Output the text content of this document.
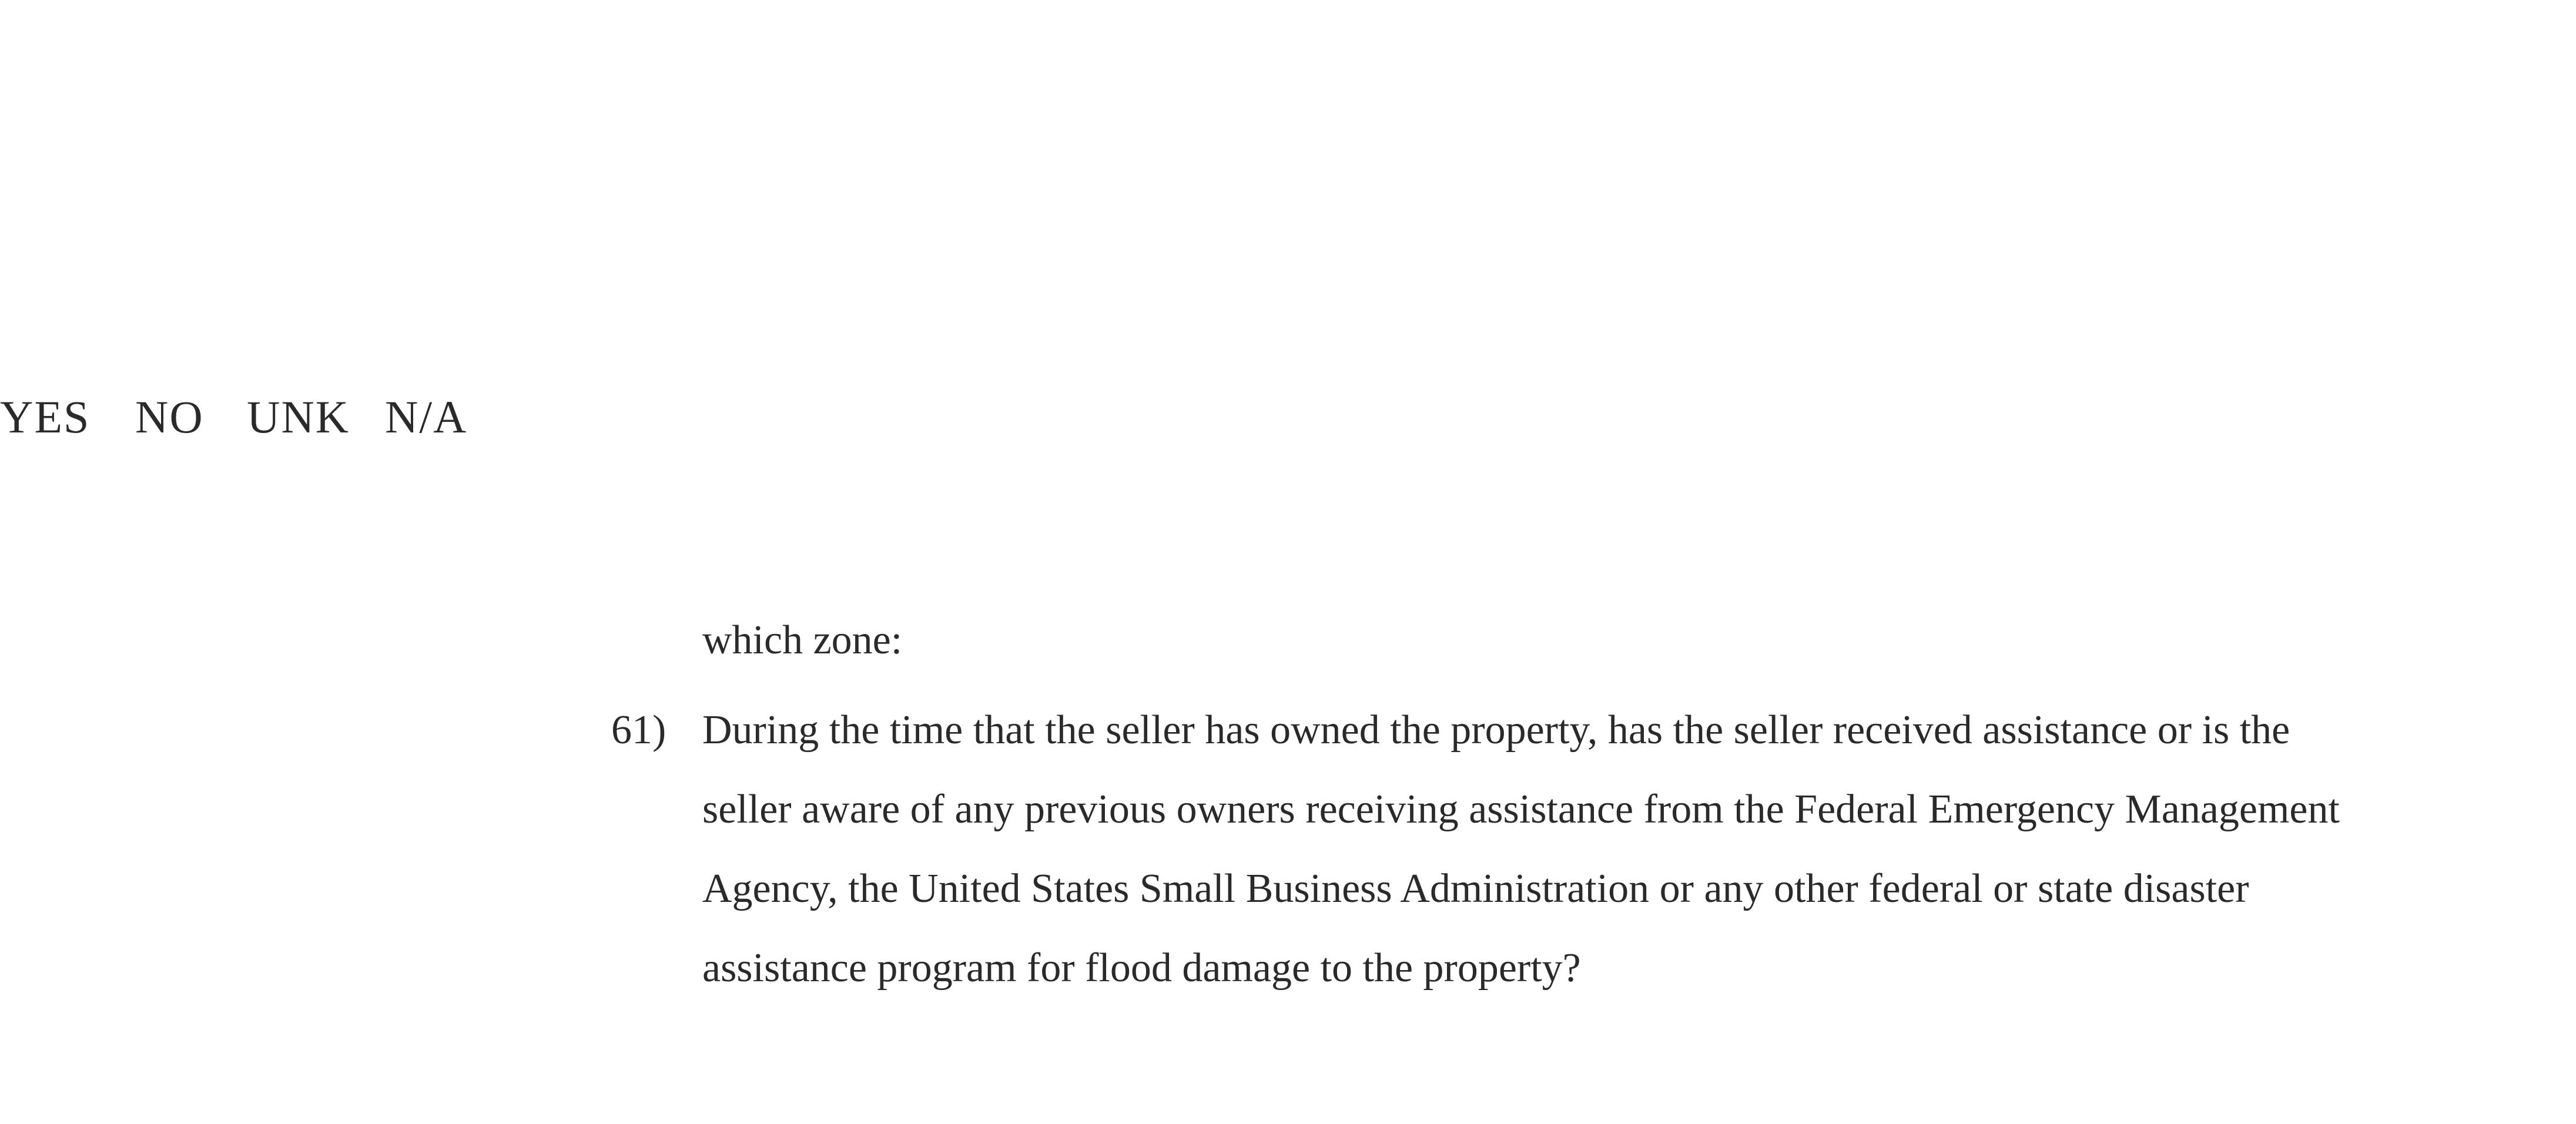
YES NO UNK N/A
which zone:
61) During the time that the seller has owned the property, has the seller received assistance or is the
seller aware of any previous owners receiving assistance from the Federal Emergency Management
Agency, the United States Small Business Administration or any other federal or state disaster
assistance program for flood damage to the property?
